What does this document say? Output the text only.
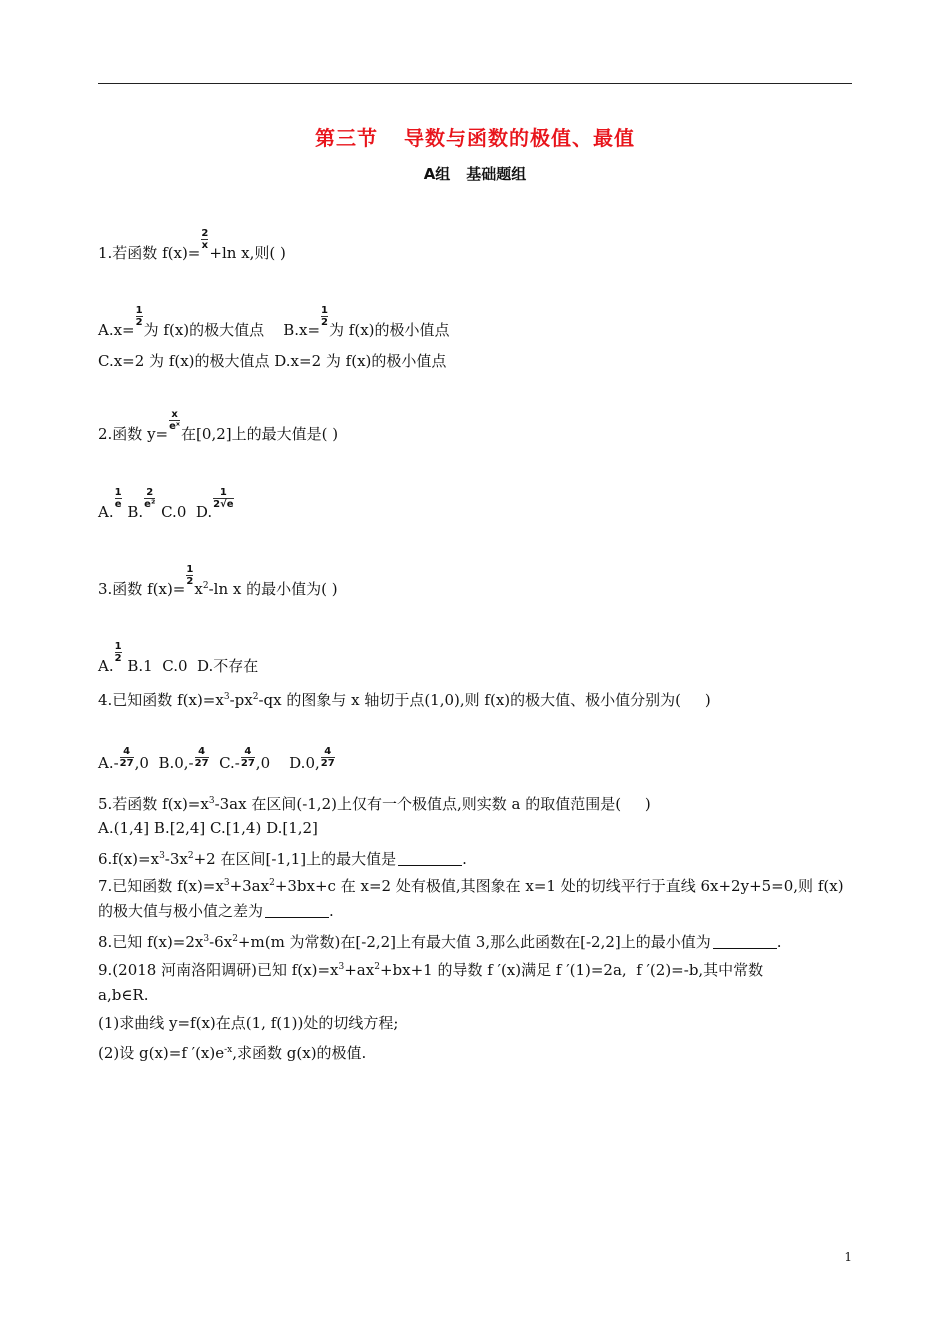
第三节 导数与函数的极值、最值
A组 基础题组
1.若函数 f(x)=
$\frac{2}{x}$
+ln x,则( )
A.x=
$\frac{1}{2}$
为 f(x)的极大值点    B.x=
$\frac{1}{2}$
为 f(x)的极小值点
C.x=2 为 f(x)的极大值点 D.x=2 为 f(x)的极小值点
2.函数 y=
$\frac{x}{\text{eˣ}}$
在[0,2]上的最大值是( )
A.
$\frac{1}{e}$
B.
$\frac{2}{\text{e²}}$
C.0  D.
$\frac{1}{2√e}$
3.函数 f(x)=
$\frac{1}{2}$
$x^2-\ln$ x 的最小值为( )
A.
$\frac{1}{2}$
B.1  C.0  D.不存在
4.已知函数 $f(x)=x^3-px^2-qx$ 的图象与 x 轴切于点(1,0),则 f(x)的极大值、极小值分别为(     )
$A.- \frac{4}{27} ,0$  $B.0,- \frac{4}{27} C.- \frac{4}{27} ,0$    D.0, $\frac{4}{27}$
5.若函数 $f(x)=x^3-3ax$ 在区间(-1,2)上仅有一个极值点,则实数 a 的取值范围是(     )
A.(1,4] B.[2,4] C.[1,4) D.[1,2]
$6.f(x)=x^3-3x^2+2$ 在区间[-1,1]上的最大值是	.
7.已知函数 $f(x)=x^3+3ax^2+3bx+c$ 在 x=2 处有极值,其图象在 x=1 处的切线平行于直线 6x+2y+5=0,则 f(x)
的极大值与极小值之差为	.
8.已知 $f(x)=2x^3-6x^2+m(m$ 为常数)在[-2,2]上有最大值 3,那么此函数在[-2,2]上的最小值为	.
9.(2018 河南洛阳调研)已知 $f(x)=x^3+ax^2+bx+1$ 的导数 f ′(x)满足 f ′(1)=2a,  f ′(2)=-b,其中常数
a,b∈R.
(1)求曲线 y=f(x)在点(1, f(1))处的切线方程;
(2)设 g(x)=f $'(x)e^{-x}$,求函数 g(x)的极值.
1
